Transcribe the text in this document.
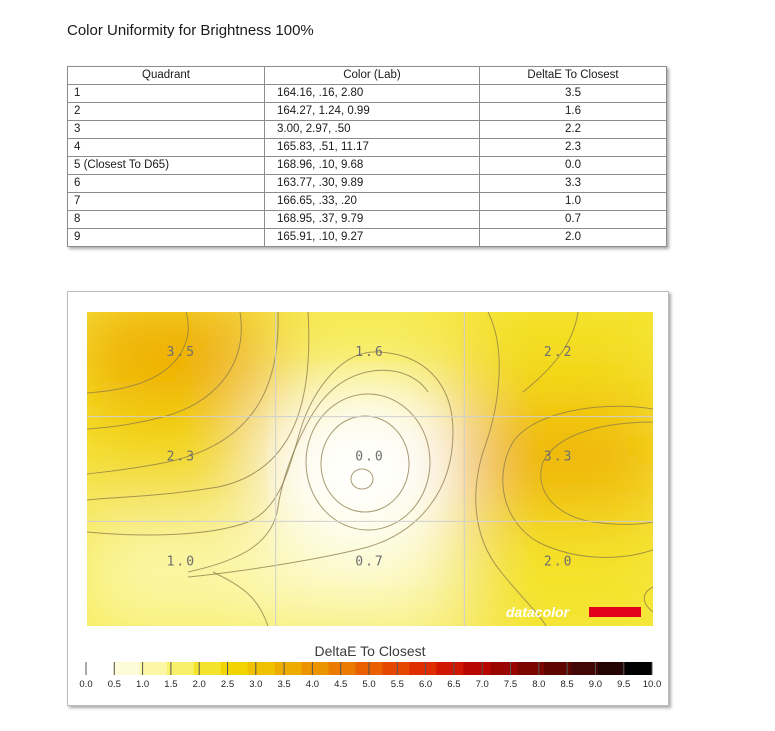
Color Uniformity for Brightness 100%
Quadrant	Color (Lab)	DeltaE To Closest
1	164.16, .16, 2.80	3.5
2	164.27, 1.24, 0.99	1.6
3	3.00, 2.97, .50	2.2
4	165.83, .51, 11.17	2.3
5 (Closest To D65)	168.96, .10, 9.68	0.0
6	163.77, .30, 9.89	3.3
7	166.65, .33, .20	1.0
8	168.95, .37, 9.79	0.7
9	165.91, .10, 9.27	2.0
3.5	1.6	2.2
2.3	0.0	3.3
1.0	0.7	2.0
datacolor
DeltaE To Closest
0.0 0.5 1.0 1.5 2.0 2.5 3.0 3.5 4.0 4.5 5.0 5.5 6.0 6.5 7.0 7.5 8.0 8.5 9.0 9.5 10.0
